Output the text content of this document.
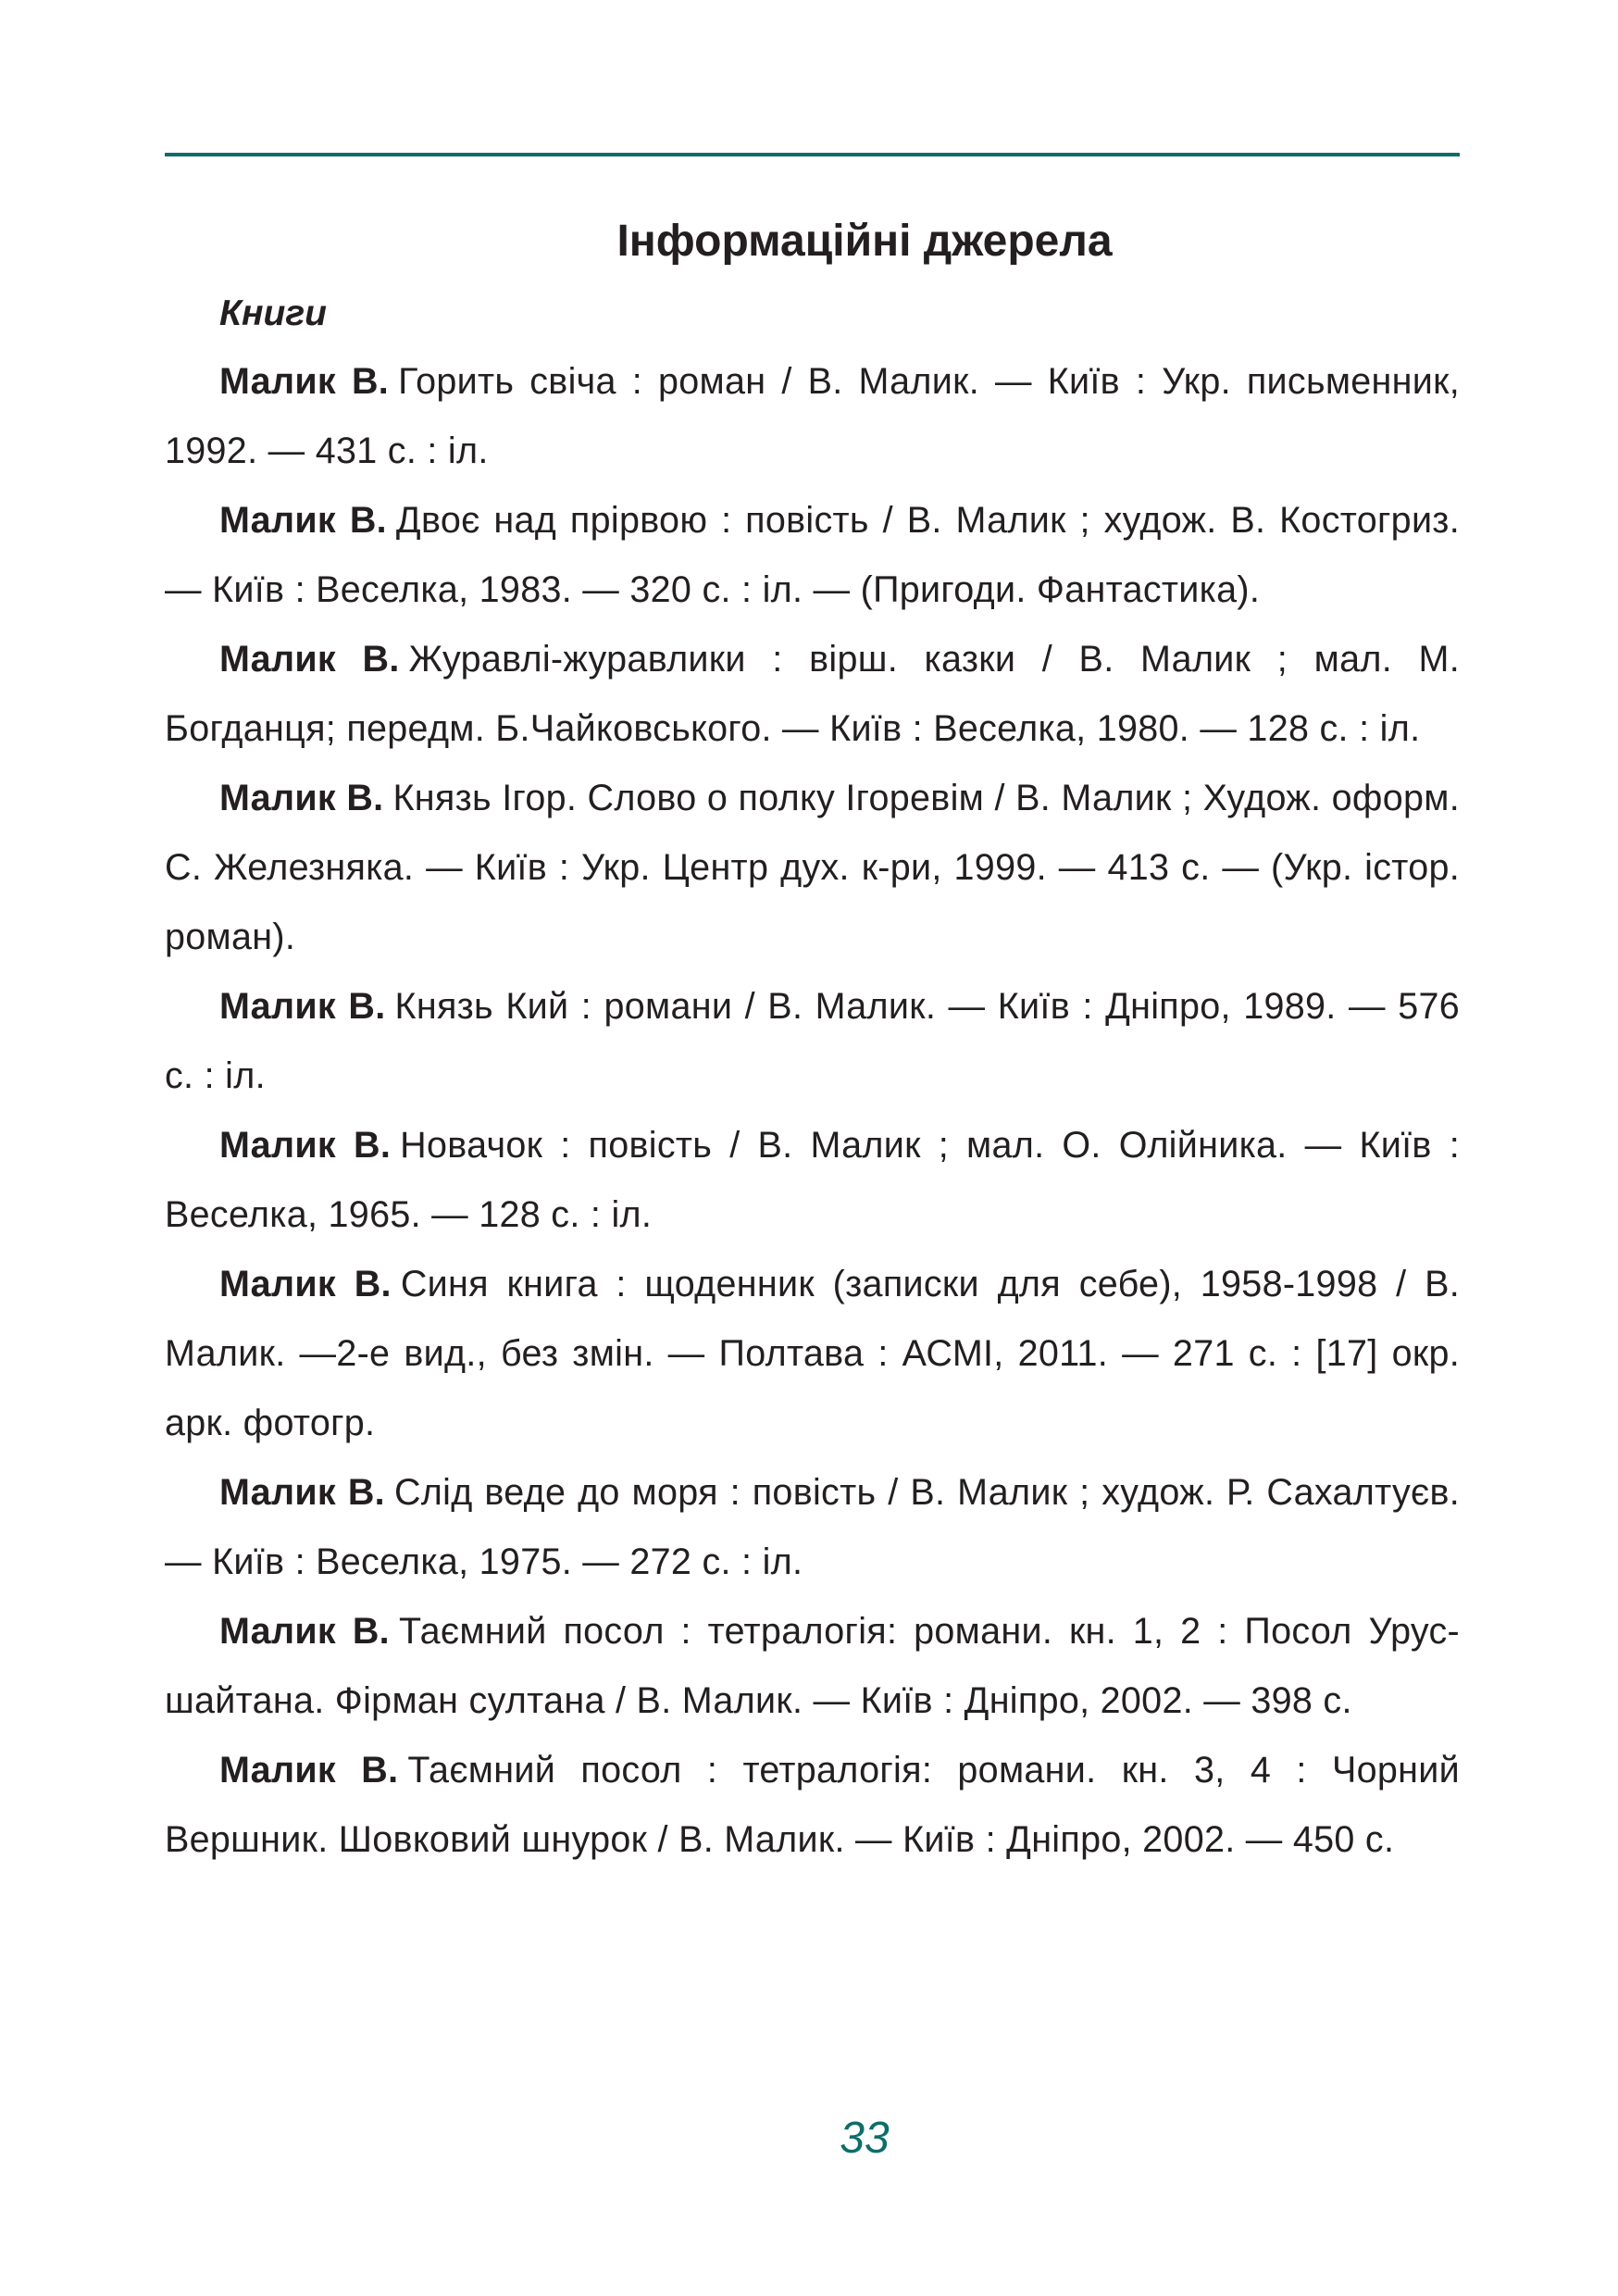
Інформаційні джерела
Книги

Малик В. Горить свіча : роман / В. Малик. — Київ : Укр. письменник, 1992. — 431 с. : іл.

Малик В. Двоє над прірвою : повість / В. Малик ; худож. В. Костогриз. — Київ : Веселка, 1983. — 320 с. : іл. — (Пригоди. Фантастика).

Малик В. Журавлі-журавлики : вірш. казки / В. Малик ; мал. М. Богданця; передм. Б.Чайковського. — Київ : Веселка, 1980. — 128 с. : іл.

Малик В. Князь Ігор. Слово о полку Ігоревім / В. Малик ; Худож. оформ. С. Железняка. — Київ : Укр. Центр дух. к-ри, 1999. — 413 с. — (Укр. істор. роман).

Малик В. Князь Кий : романи / В. Малик. — Київ : Дніпро, 1989. — 576 с. : іл.

Малик В. Новачок : повість / В. Малик ; мал. О. Олійника. — Київ : Веселка, 1965. — 128 с. : іл.

Малик В. Синя книга : щоденник (записки для себе), 1958-1998 / В. Малик. —2-е вид., без змін. — Полтава : АСМІ, 2011. — 271 с. : [17] окр. арк. фотогр.

Малик В. Слід веде до моря : повість / В. Малик ; худож. Р. Сахалтуєв. — Київ : Веселка, 1975. — 272 с. : іл.

Малик В. Таємний посол : тетралогія: романи. кн. 1, 2 : Посол Урус-шайтана. Фірман султана / В. Малик. — Київ : Дніпро, 2002. — 398 с.

Малик В. Таємний посол : тетралогія: романи. кн. 3, 4 : Чорний Вершник. Шовковий шнурок / В. Малик. — Київ : Дніпро, 2002. — 450 с.

33
